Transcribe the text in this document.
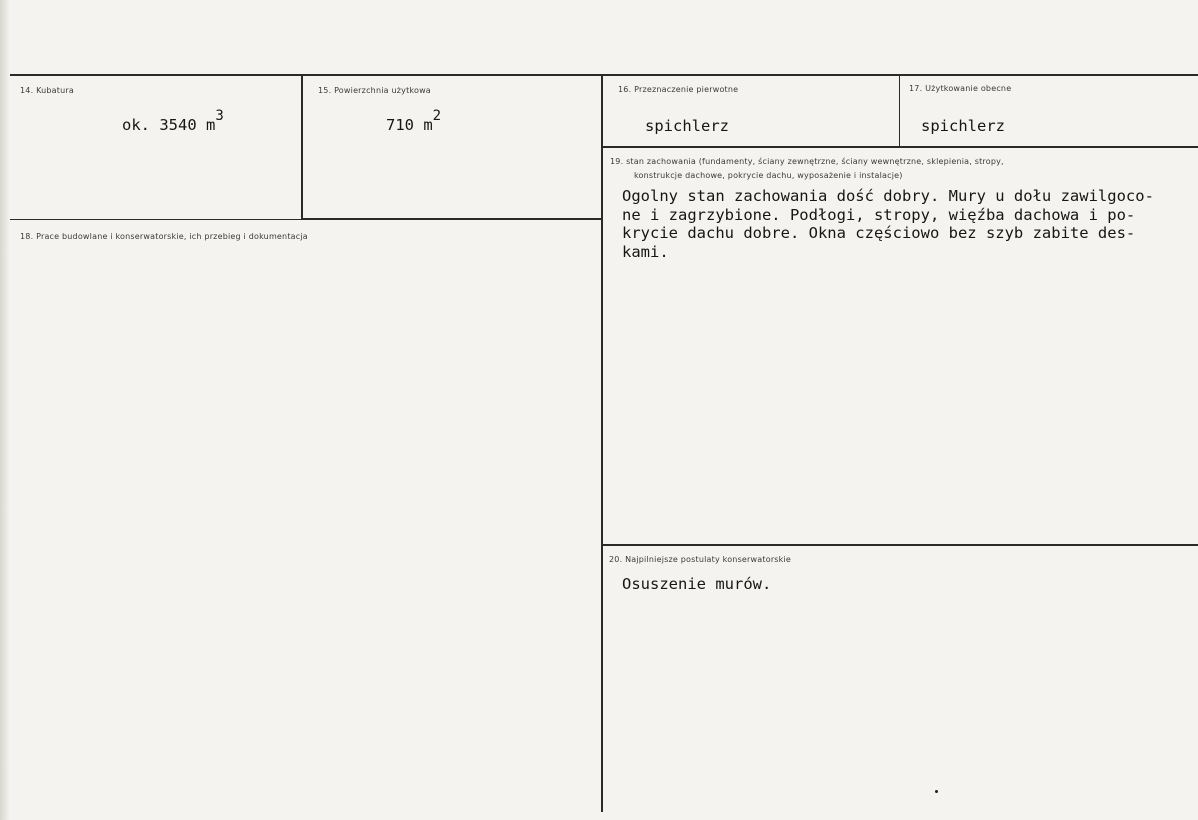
14. Kubatura
ok. 3540 $m^3$
15. Powierzchnia użytkowa
710 $m^2$
16. Przeznaczenie pierwotne
spichlerz
17. Użytkowanie obecne
spichlerz
18. Prace budowlane i konserwatorskie, ich przebieg i dokumentacja
19. stan zachowania (fundamenty, ściany zewnętrzne, ściany wewnętrzne, sklepienia, stropy,
konstrukcje dachowe, pokrycie dachu, wyposażenie i instalacje)
Ogolny stan zachowania dość dobry. Mury u dołu zawilgoco-
ne i zagrzybione. Podłogi, stropy, więźba dachowa i po-
krycie dachu dobre. Okna częściowo bez szyb zabite des-
kami.
20. Najpilniejsze postulaty konserwatorskie
Osuszenie murów.
